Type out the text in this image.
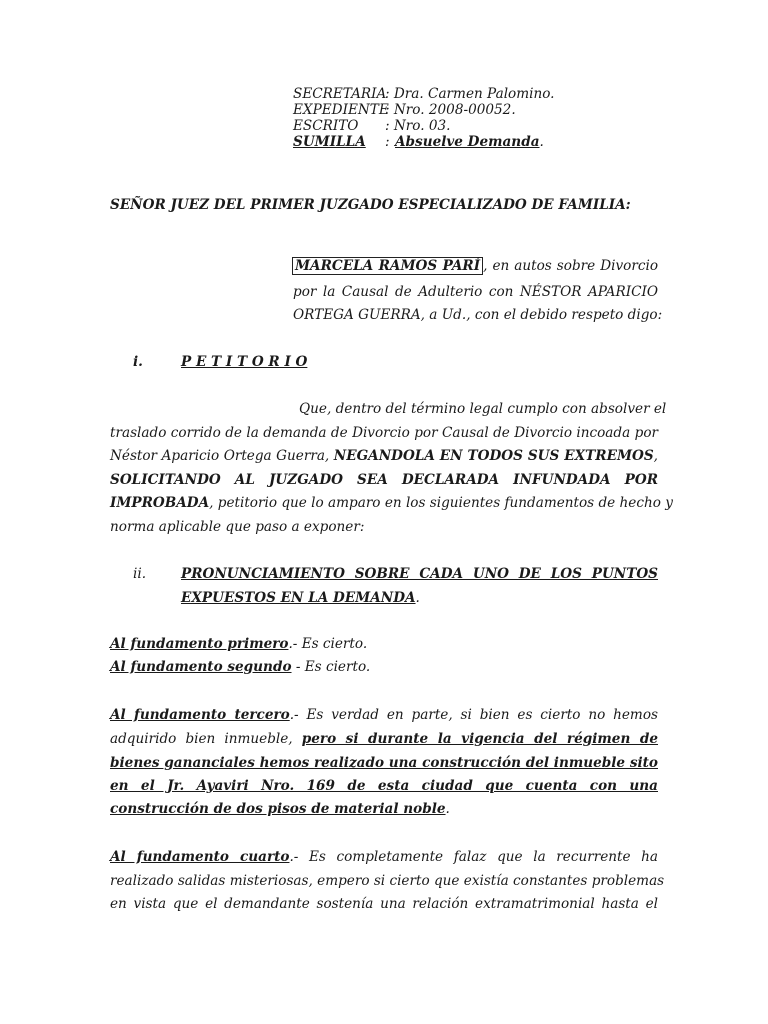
SECRETARIA: Dra. Carmen Palomino.
EXPEDIENTE: Nro. 2008-00052.
ESCRITO : Nro. 03.
SUMILLA : Absuelve Demanda.
SEÑOR JUEZ DEL PRIMER JUZGADO ESPECIALIZADO DE FAMILIA:
MARCELA RAMOS PARÍ , en autos sobre Divorcio
por la Causal de Adulterio con NÉSTOR APARICIO
ORTEGA GUERRA, a Ud., con el debido respeto digo:
i.	P E T I T O R I O
Que, dentro del término legal cumplo con absolver el
traslado corrido de la demanda de Divorcio por Causal de Divorcio incoada por
Néstor Aparicio Ortega Guerra, NEGANDOLA EN TODOS SUS EXTREMOS,
SOLICITANDO AL JUZGADO SEA DECLARADA INFUNDADA POR
IMPROBADA, petitorio que lo amparo en los siguientes fundamentos de hecho y
norma aplicable que paso a exponer:
ii.	PRONUNCIAMIENTO SOBRE CADA UNO DE LOS PUNTOS
EXPUESTOS EN LA DEMANDA.
Al fundamento primero.- Es cierto.
Al fundamento segundo - Es cierto.
Al fundamento tercero.- Es verdad en parte, si bien es cierto no hemos
adquirido bien inmueble, pero si durante la vigencia del régimen de
bienes gananciales hemos realizado una construcción del inmueble sito
en el Jr. Ayaviri Nro. 169 de esta ciudad que cuenta con una
construcción de dos pisos de material noble.
Al fundamento cuarto.- Es completamente falaz que la recurrente ha
realizado salidas misteriosas, empero si cierto que existía constantes problemas
en vista que el demandante sostenía una relación extramatrimonial hasta el
